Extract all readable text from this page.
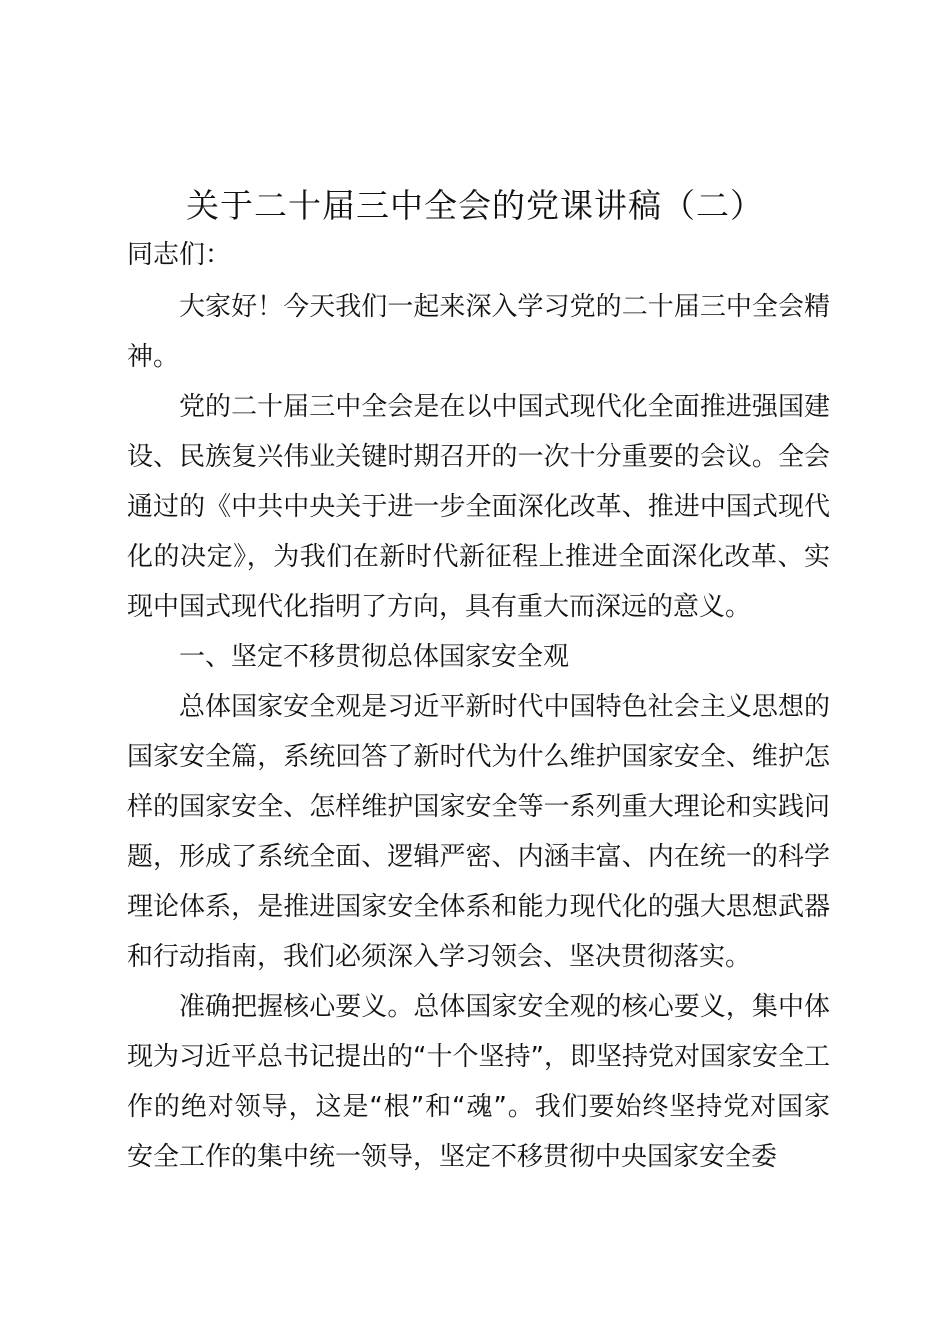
关于二十届三中全会的党课讲稿（二）

同志们：

大家好！今天我们一起来深入学习党的二十届三中全会精神。

党的二十届三中全会是在以中国式现代化全面推进强国建设、民族复兴伟业关键时期召开的一次十分重要的会议。全会通过的《中共中央关于进一步全面深化改革、推进中国式现代化的决定》，为我们在新时代新征程上推进全面深化改革、实现中国式现代化指明了方向，具有重大而深远的意义。

一、坚定不移贯彻总体国家安全观

总体国家安全观是习近平新时代中国特色社会主义思想的国家安全篇，系统回答了新时代为什么维护国家安全、维护怎样的国家安全、怎样维护国家安全等一系列重大理论和实践问题，形成了系统全面、逻辑严密、内涵丰富、内在统一的科学理论体系，是推进国家安全体系和能力现代化的强大思想武器和行动指南，我们必须深入学习领会、坚决贯彻落实。

准确把握核心要义。总体国家安全观的核心要义，集中体现为习近平总书记提出的“十个坚持”，即坚持党对国家安全工作的绝对领导，这是“根”和“魂”。我们要始终坚持党对国家安全工作的集中统一领导，坚定不移贯彻中央国家安全委
